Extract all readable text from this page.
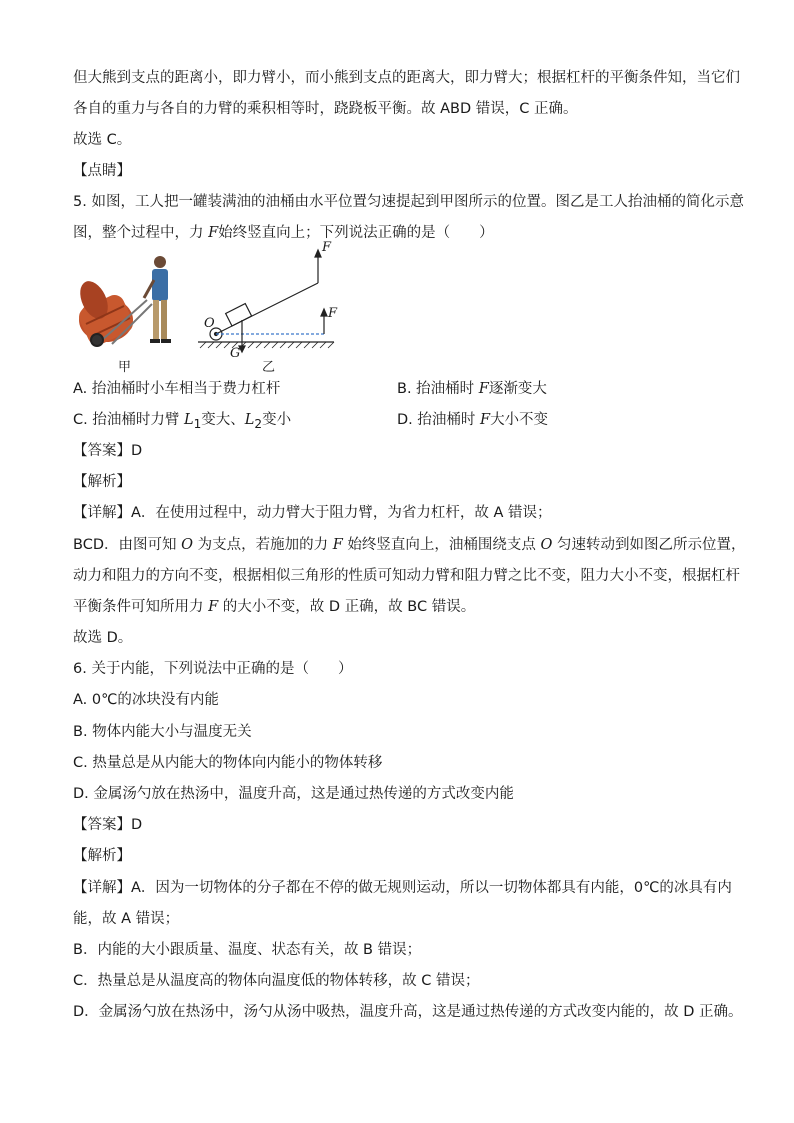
但大熊到支点的距离小，即力臂小，而小熊到支点的距离大，即力臂大；根据杠杆的平衡条件知，当它们
各自的重力与各自的力臂的乘积相等时，跷跷板平衡。故 ABD 错误，C 正确。
故选 C。
【点睛】
5. 如图，工人把一罐装满油的油桶由水平位置匀速提起到甲图所示的位置。图乙是工人抬油桶的简化示意
图，整个过程中，力 F始终竖直向上；下列说法正确的是（　　）
O
G
F
F
甲	乙
A. 抬油桶时小车相当于费力杠杆	B. 抬油桶时 F逐渐变大
C. 抬油桶时力臂 $L_1$变大、$L_2$变小	D. 抬油桶时 F大小不变
【答案】D
【解析】
【详解】A．在使用过程中，动力臂大于阻力臂，为省力杠杆，故 A 错误；
BCD．由图可知 O 为支点，若施加的力 F 始终竖直向上，油桶围绕支点 O 匀速转动到如图乙所示位置，
动力和阻力的方向不变，根据相似三角形的性质可知动力臂和阻力臂之比不变，阻力大小不变，根据杠杆
平衡条件可知所用力 F 的大小不变，故 D 正确，故 BC 错误。
故选 D。
6. 关于内能，下列说法中正确的是（　　）
A. 0℃的冰块没有内能
B. 物体内能大小与温度无关
C. 热量总是从内能大的物体向内能小的物体转移
D. 金属汤勺放在热汤中，温度升高，这是通过热传递的方式改变内能
【答案】D
【解析】
【详解】A．因为一切物体的分子都在不停的做无规则运动，所以一切物体都具有内能，0℃的冰具有内
能，故 A 错误；
B．内能的大小跟质量、温度、状态有关，故 B 错误；
C．热量总是从温度高的物体向温度低的物体转移，故 C 错误；
D．金属汤勺放在热汤中，汤勺从汤中吸热，温度升高，这是通过热传递的方式改变内能的，故 D 正确。
